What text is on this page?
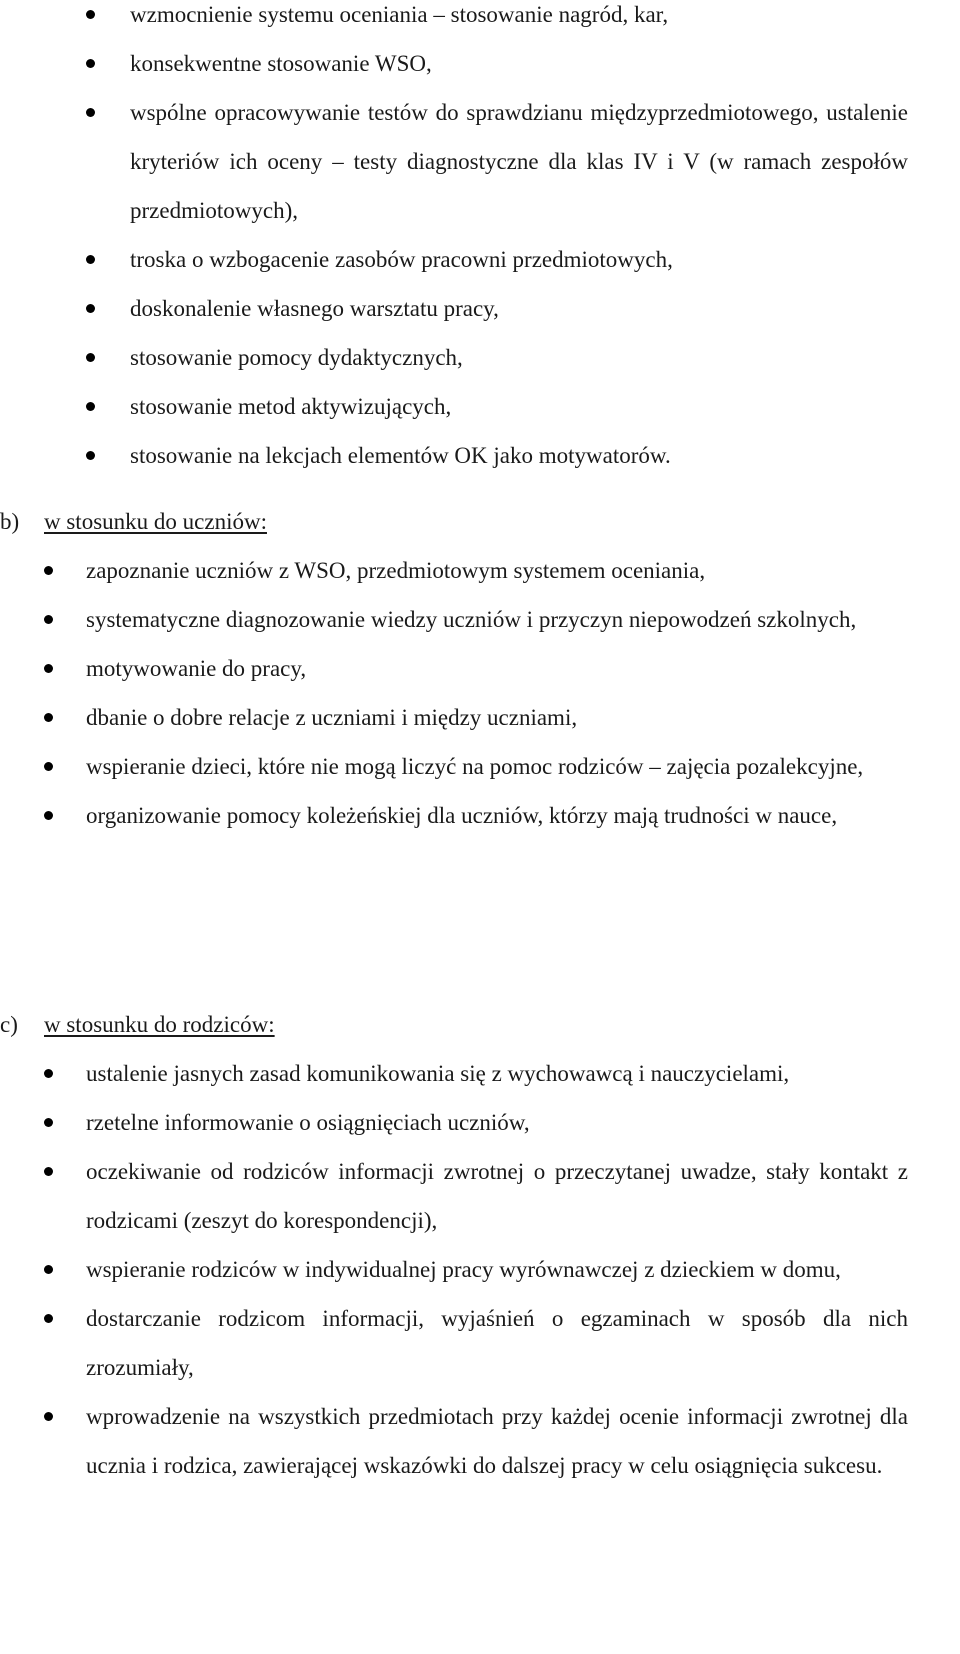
wzmocnienie systemu oceniania – stosowanie nagród, kar,
konsekwentne stosowanie WSO,
wspólne opracowywanie testów do sprawdzianu międzyprzedmiotowego, ustalenie kryteriów ich oceny – testy diagnostyczne dla klas IV i V (w ramach zespołów przedmiotowych),
troska o wzbogacenie zasobów pracowni przedmiotowych,
doskonalenie własnego warsztatu pracy,
stosowanie pomocy dydaktycznych,
stosowanie metod aktywizujących,
stosowanie na lekcjach elementów OK jako motywatorów.
b) w stosunku do uczniów:
zapoznanie uczniów z WSO, przedmiotowym systemem oceniania,
systematyczne diagnozowanie wiedzy uczniów i przyczyn niepowodzeń szkolnych,
motywowanie do pracy,
dbanie o dobre relacje z uczniami i między uczniami,
wspieranie dzieci, które nie mogą liczyć na pomoc rodziców – zajęcia pozalekcyjne,
organizowanie pomocy koleżeńskiej dla uczniów, którzy mają trudności w nauce,
c) w stosunku do rodziców:
ustalenie jasnych zasad komunikowania się z wychowawcą i nauczycielami,
rzetelne informowanie o osiągnięciach uczniów,
oczekiwanie od rodziców informacji zwrotnej o przeczytanej uwadze, stały kontakt z rodzicami (zeszyt do korespondencji),
wspieranie rodziców w indywidualnej pracy wyrównawczej z dzieckiem w domu,
dostarczanie rodzicom informacji, wyjaśnień o egzaminach w sposób dla nich zrozumiały,
wprowadzenie na wszystkich przedmiotach przy każdej ocenie informacji zwrotnej dla ucznia i rodzica, zawierającej wskazówki do dalszej pracy w celu osiągnięcia sukcesu.
